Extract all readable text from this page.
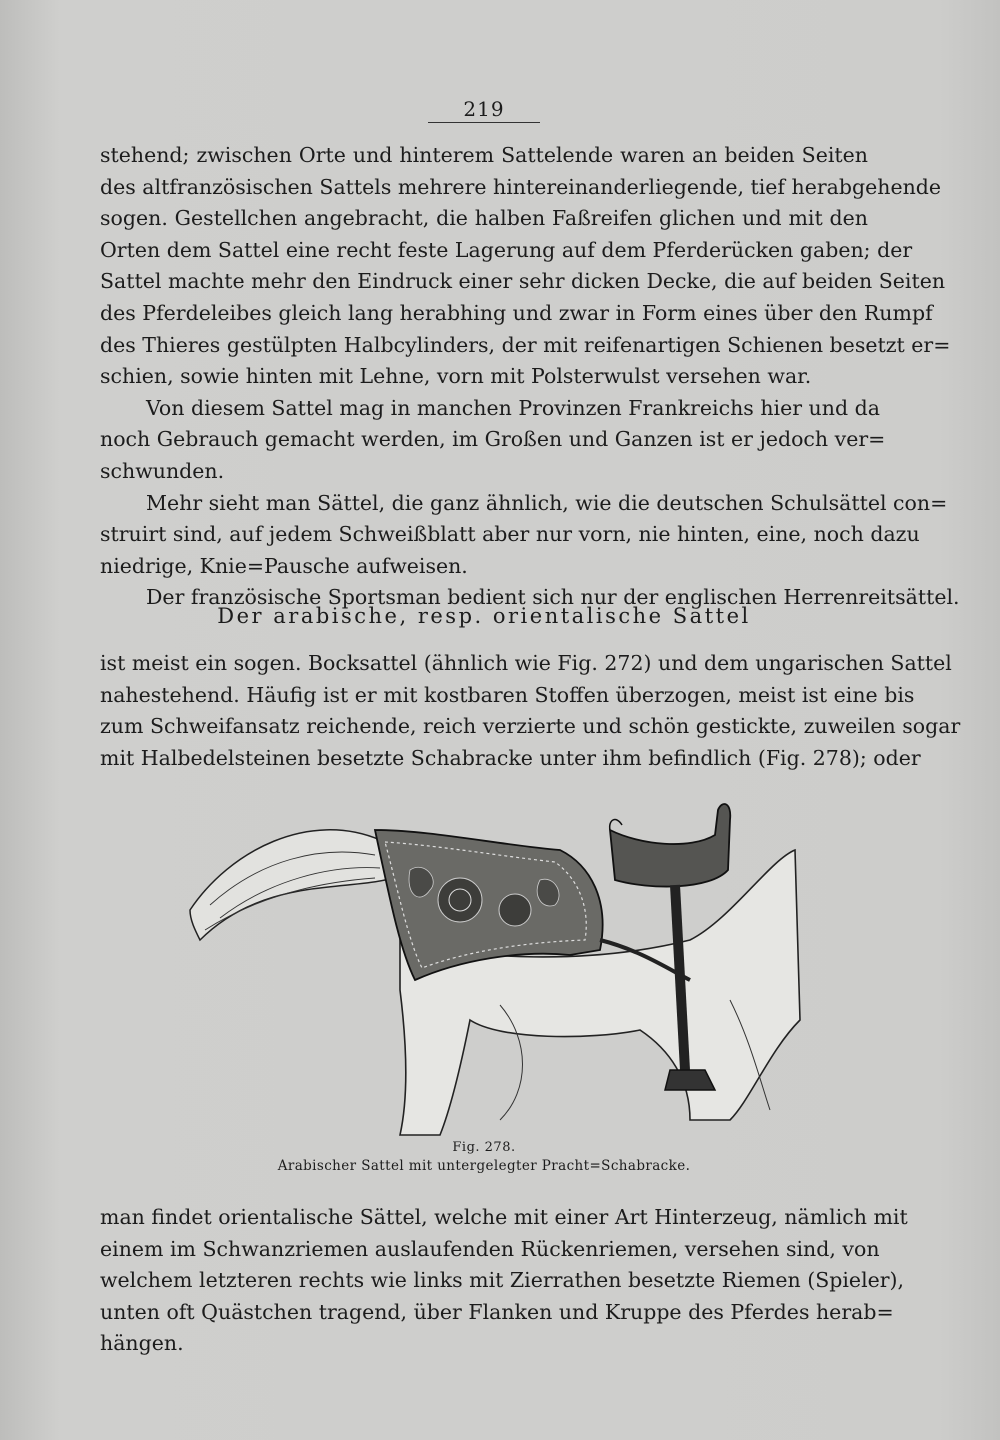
219
stehend; zwischen Orte und hinterem Sattelende waren an beiden Seiten
des altfranzösischen Sattels mehrere hintereinanderliegende, tief herabgehende
sogen. Gestellchen angebracht, die halben Faßreifen glichen und mit den
Orten dem Sattel eine recht feste Lagerung auf dem Pferderücken gaben; der
Sattel machte mehr den Eindruck einer sehr dicken Decke, die auf beiden Seiten
des Pferdeleibes gleich lang herabhing und zwar in Form eines über den Rumpf
des Thieres gestülpten Halbcylinders, der mit reifenartigen Schienen besetzt er=
schien, sowie hinten mit Lehne, vorn mit Polsterwulst versehen war.
Von diesem Sattel mag in manchen Provinzen Frankreichs hier und da
noch Gebrauch gemacht werden, im Großen und Ganzen ist er jedoch ver=
schwunden.
Mehr sieht man Sättel, die ganz ähnlich, wie die deutschen Schulsättel con=
struirt sind, auf jedem Schweißblatt aber nur vorn, nie hinten, eine, noch dazu
niedrige, Knie=Pausche aufweisen.
Der französische Sportsman bedient sich nur der englischen Herrenreitsättel.
Der arabische, resp. orientalische Sattel
ist meist ein sogen. Bocksattel (ähnlich wie Fig. 272) und dem ungarischen Sattel
nahestehend. Häufig ist er mit kostbaren Stoffen überzogen, meist ist eine bis
zum Schweifansatz reichende, reich verzierte und schön gestickte, zuweilen sogar
mit Halbedelsteinen besetzte Schabracke unter ihm befindlich (Fig. 278); oder
Fig. 278.
Arabischer Sattel mit untergelegter Pracht=Schabracke.
man findet orientalische Sättel, welche mit einer Art Hinterzeug, nämlich mit
einem im Schwanzriemen auslaufenden Rückenriemen, versehen sind, von
welchem letzteren rechts wie links mit Zierrathen besetzte Riemen (Spieler),
unten oft Quästchen tragend, über Flanken und Kruppe des Pferdes herab=
hängen.
